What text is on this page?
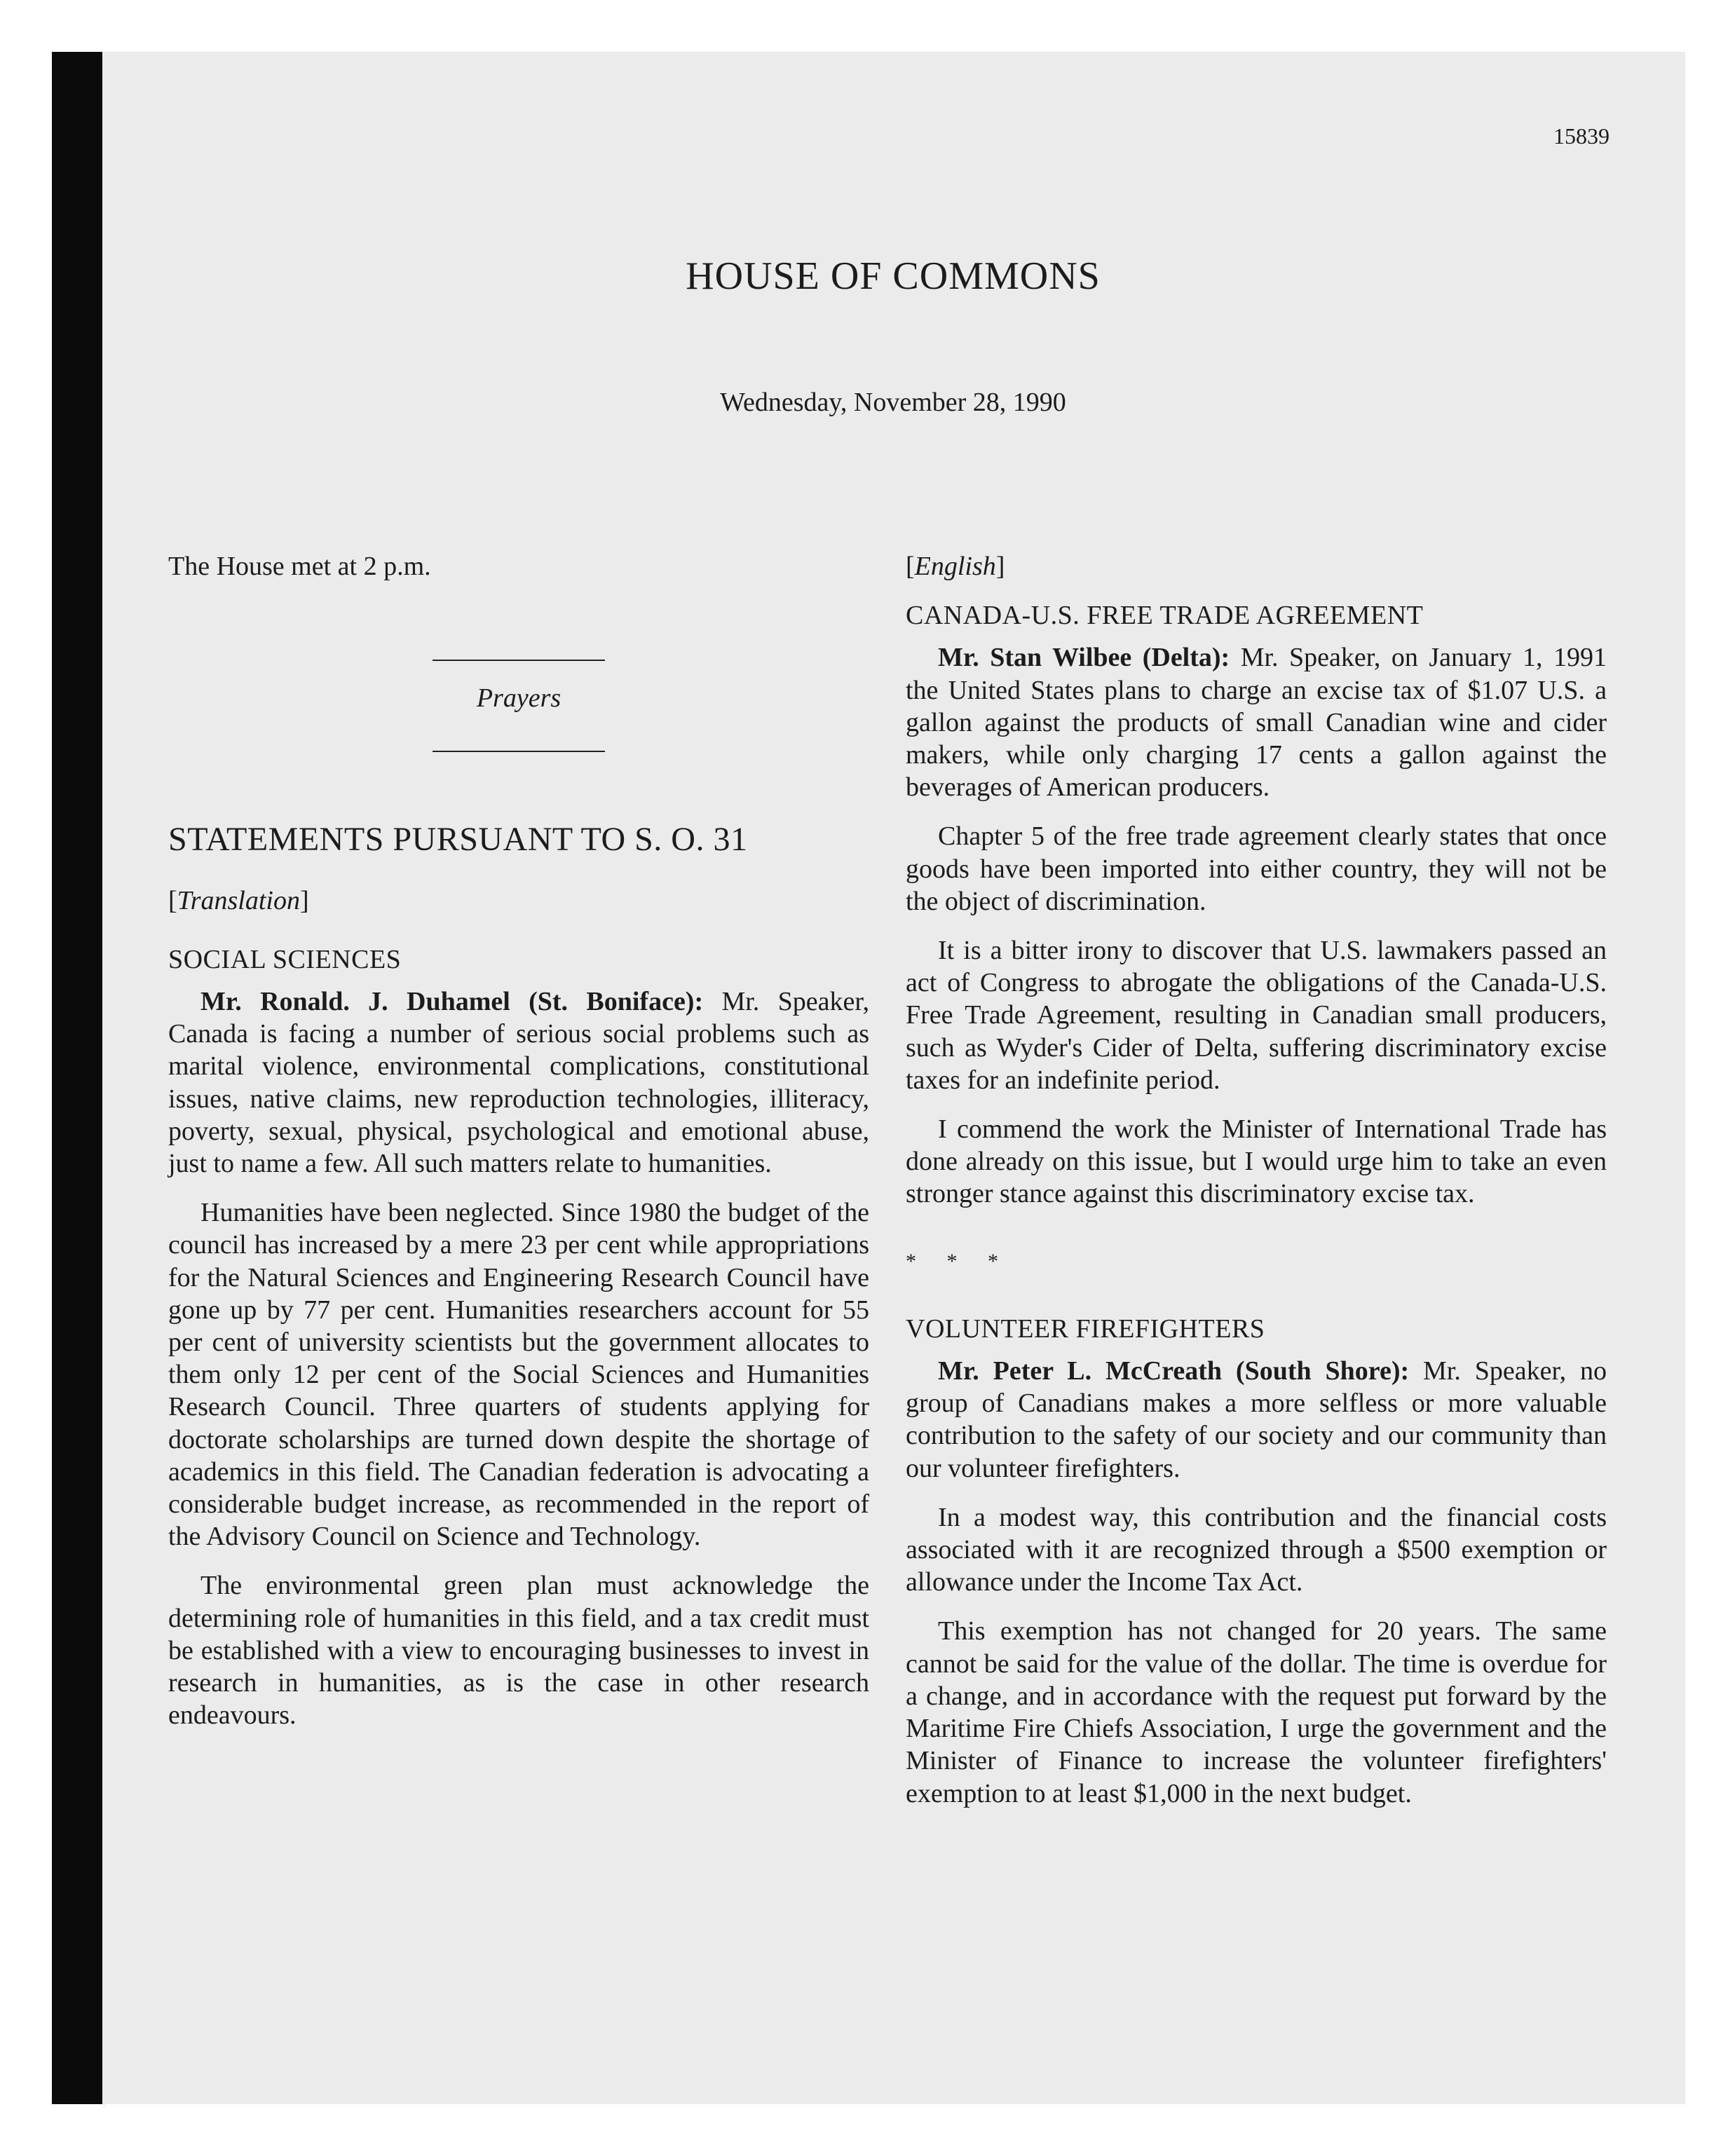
15839
HOUSE OF COMMONS
Wednesday, November 28, 1990

The House met at 2 p.m.

Prayers

STATEMENTS PURSUANT TO S. O. 31

[Translation]

SOCIAL SCIENCES

Mr. Ronald. J. Duhamel (St. Boniface): Mr. Speaker, Canada is facing a number of serious social problems such as marital violence, environmental complications, constitutional issues, native claims, new reproduction technologies, illiteracy, poverty, sexual, physical, psychological and emotional abuse, just to name a few. All such matters relate to humanities.

Humanities have been neglected. Since 1980 the budget of the council has increased by a mere 23 per cent while appropriations for the Natural Sciences and Engineering Research Council have gone up by 77 per cent. Humanities researchers account for 55 per cent of university scientists but the government allocates to them only 12 per cent of the Social Sciences and Humanities Research Council. Three quarters of students applying for doctorate scholarships are turned down despite the shortage of academics in this field. The Canadian federation is advocating a considerable budget increase, as recommended in the report of the Advisory Council on Science and Technology.

The environmental green plan must acknowledge the determining role of humanities in this field, and a tax credit must be established with a view to encouraging businesses to invest in research in humanities, as is the case in other research endeavours.

[English]

CANADA-U.S. FREE TRADE AGREEMENT

Mr. Stan Wilbee (Delta): Mr. Speaker, on January 1, 1991 the United States plans to charge an excise tax of $1.07 U.S. a gallon against the products of small Canadian wine and cider makers, while only charging 17 cents a gallon against the beverages of American producers.

Chapter 5 of the free trade agreement clearly states that once goods have been imported into either country, they will not be the object of discrimination.

It is a bitter irony to discover that U.S. lawmakers passed an act of Congress to abrogate the obligations of the Canada-U.S. Free Trade Agreement, resulting in Canadian small producers, such as Wyder's Cider of Delta, suffering discriminatory excise taxes for an indefinite period.

I commend the work the Minister of International Trade has done already on this issue, but I would urge him to take an even stronger stance against this discriminatory excise tax.

* * *

VOLUNTEER FIREFIGHTERS

Mr. Peter L. McCreath (South Shore): Mr. Speaker, no group of Canadians makes a more selfless or more valuable contribution to the safety of our society and our community than our volunteer firefighters.

In a modest way, this contribution and the financial costs associated with it are recognized through a $500 exemption or allowance under the Income Tax Act.

This exemption has not changed for 20 years. The same cannot be said for the value of the dollar. The time is overdue for a change, and in accordance with the request put forward by the Maritime Fire Chiefs Association, I urge the government and the Minister of Finance to increase the volunteer firefighters' exemption to at least $1,000 in the next budget.
